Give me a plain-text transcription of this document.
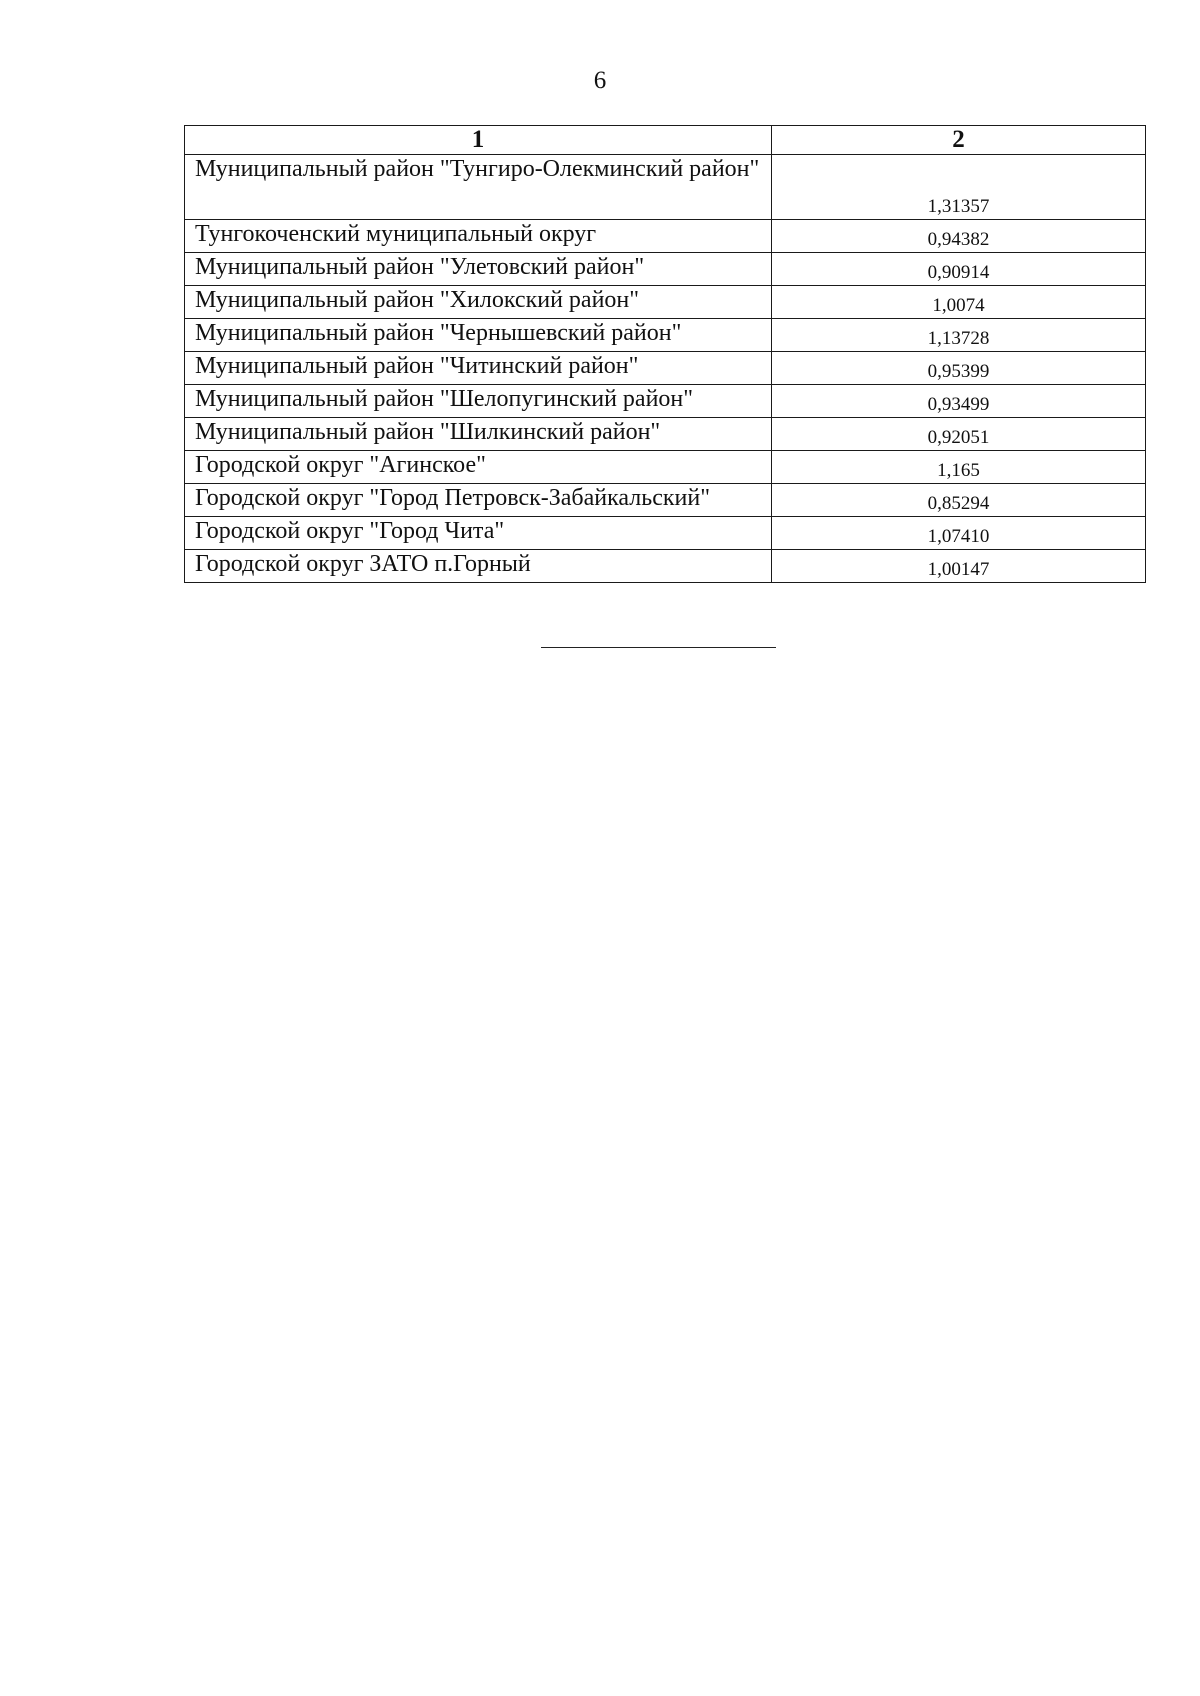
6
1	2
Муниципальный район "Тунгиро-Олекминский район"	1,31357
Тунгокоченский муниципальный округ	0,94382
Муниципальный район "Улетовский район"	0,90914
Муниципальный район "Хилокский район"	1,0074
Муниципальный район "Чернышевский район"	1,13728
Муниципальный район "Читинский район"	0,95399
Муниципальный район "Шелопугинский район"	0,93499
Муниципальный район "Шилкинский район"	0,92051
Городской округ "Агинское"	1,165
Городской округ "Город Петровск-Забайкальский"	0,85294
Городской округ "Город Чита"	1,07410
Городской округ ЗАТО п.Горный	1,00147
